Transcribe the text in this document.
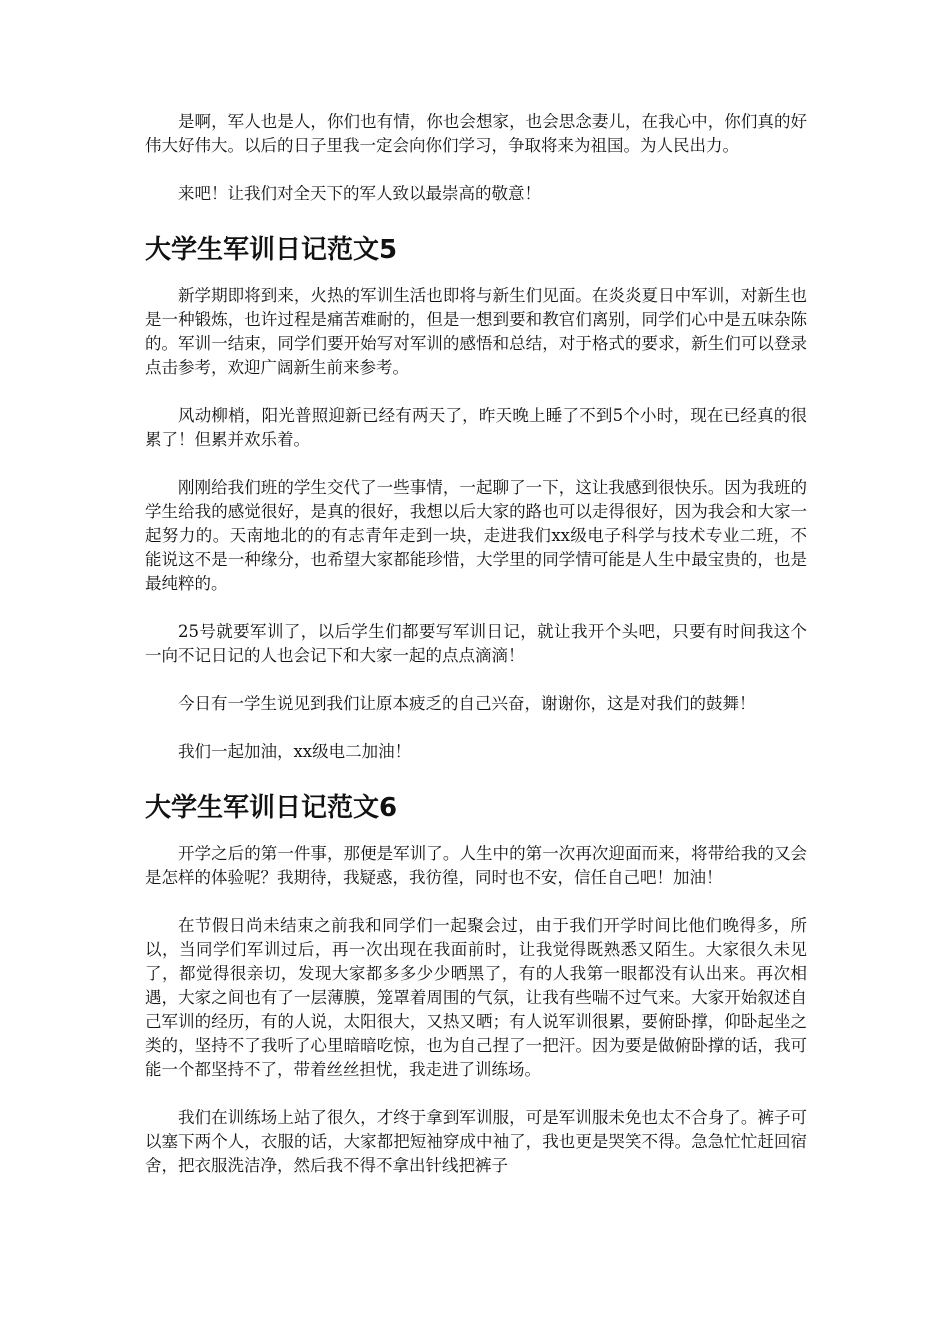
是啊，军人也是人，你们也有情，你也会想家，也会思念妻儿，在我心中，你们真的好伟大好伟大。以后的日子里我一定会向你们学习，争取将来为祖国。为人民出力。

来吧！让我们对全天下的军人致以最崇高的敬意！

大学生军训日记范文5

新学期即将到来，火热的军训生活也即将与新生们见面。在炎炎夏日中军训，对新生也是一种锻炼，也许过程是痛苦难耐的，但是一想到要和教官们离别，同学们心中是五味杂陈的。军训一结束，同学们要开始写对军训的感悟和总结，对于格式的要求，新生们可以登录点击参考，欢迎广阔新生前来参考。

风动柳梢，阳光普照迎新已经有两天了，昨天晚上睡了不到5个小时，现在已经真的很累了！但累并欢乐着。

刚刚给我们班的学生交代了一些事情，一起聊了一下，这让我感到很快乐。因为我班的学生给我的感觉很好，是真的很好，我想以后大家的路也可以走得很好，因为我会和大家一起努力的。天南地北的的有志青年走到一块，走进我们xx级电子科学与技术专业二班，不能说这不是一种缘分，也希望大家都能珍惜，大学里的同学情可能是人生中最宝贵的，也是最纯粹的。

25号就要军训了，以后学生们都要写军训日记，就让我开个头吧，只要有时间我这个一向不记日记的人也会记下和大家一起的点点滴滴！

今日有一学生说见到我们让原本疲乏的自己兴奋，谢谢你，这是对我们的鼓舞！

我们一起加油，xx级电二加油！

大学生军训日记范文6

开学之后的第一件事，那便是军训了。人生中的第一次再次迎面而来，将带给我的又会是怎样的体验呢？我期待，我疑惑，我彷徨，同时也不安，信任自己吧！加油！

在节假日尚未结束之前我和同学们一起聚会过，由于我们开学时间比他们晚得多，所以，当同学们军训过后，再一次出现在我面前时，让我觉得既熟悉又陌生。大家很久未见了，都觉得很亲切，发现大家都多多少少晒黑了，有的人我第一眼都没有认出来。再次相遇，大家之间也有了一层薄膜，笼罩着周围的气氛，让我有些喘不过气来。大家开始叙述自己军训的经历，有的人说，太阳很大，又热又晒；有人说军训很累，要俯卧撑，仰卧起坐之类的，坚持不了我听了心里暗暗吃惊，也为自己捏了一把汗。因为要是做俯卧撑的话，我可能一个都坚持不了，带着丝丝担忧，我走进了训练场。

我们在训练场上站了很久，才终于拿到军训服，可是军训服未免也太不合身了。裤子可以塞下两个人，衣服的话，大家都把短袖穿成中袖了，我也更是哭笑不得。急急忙忙赶回宿舍，把衣服洗洁净，然后我不得不拿出针线把裤子
